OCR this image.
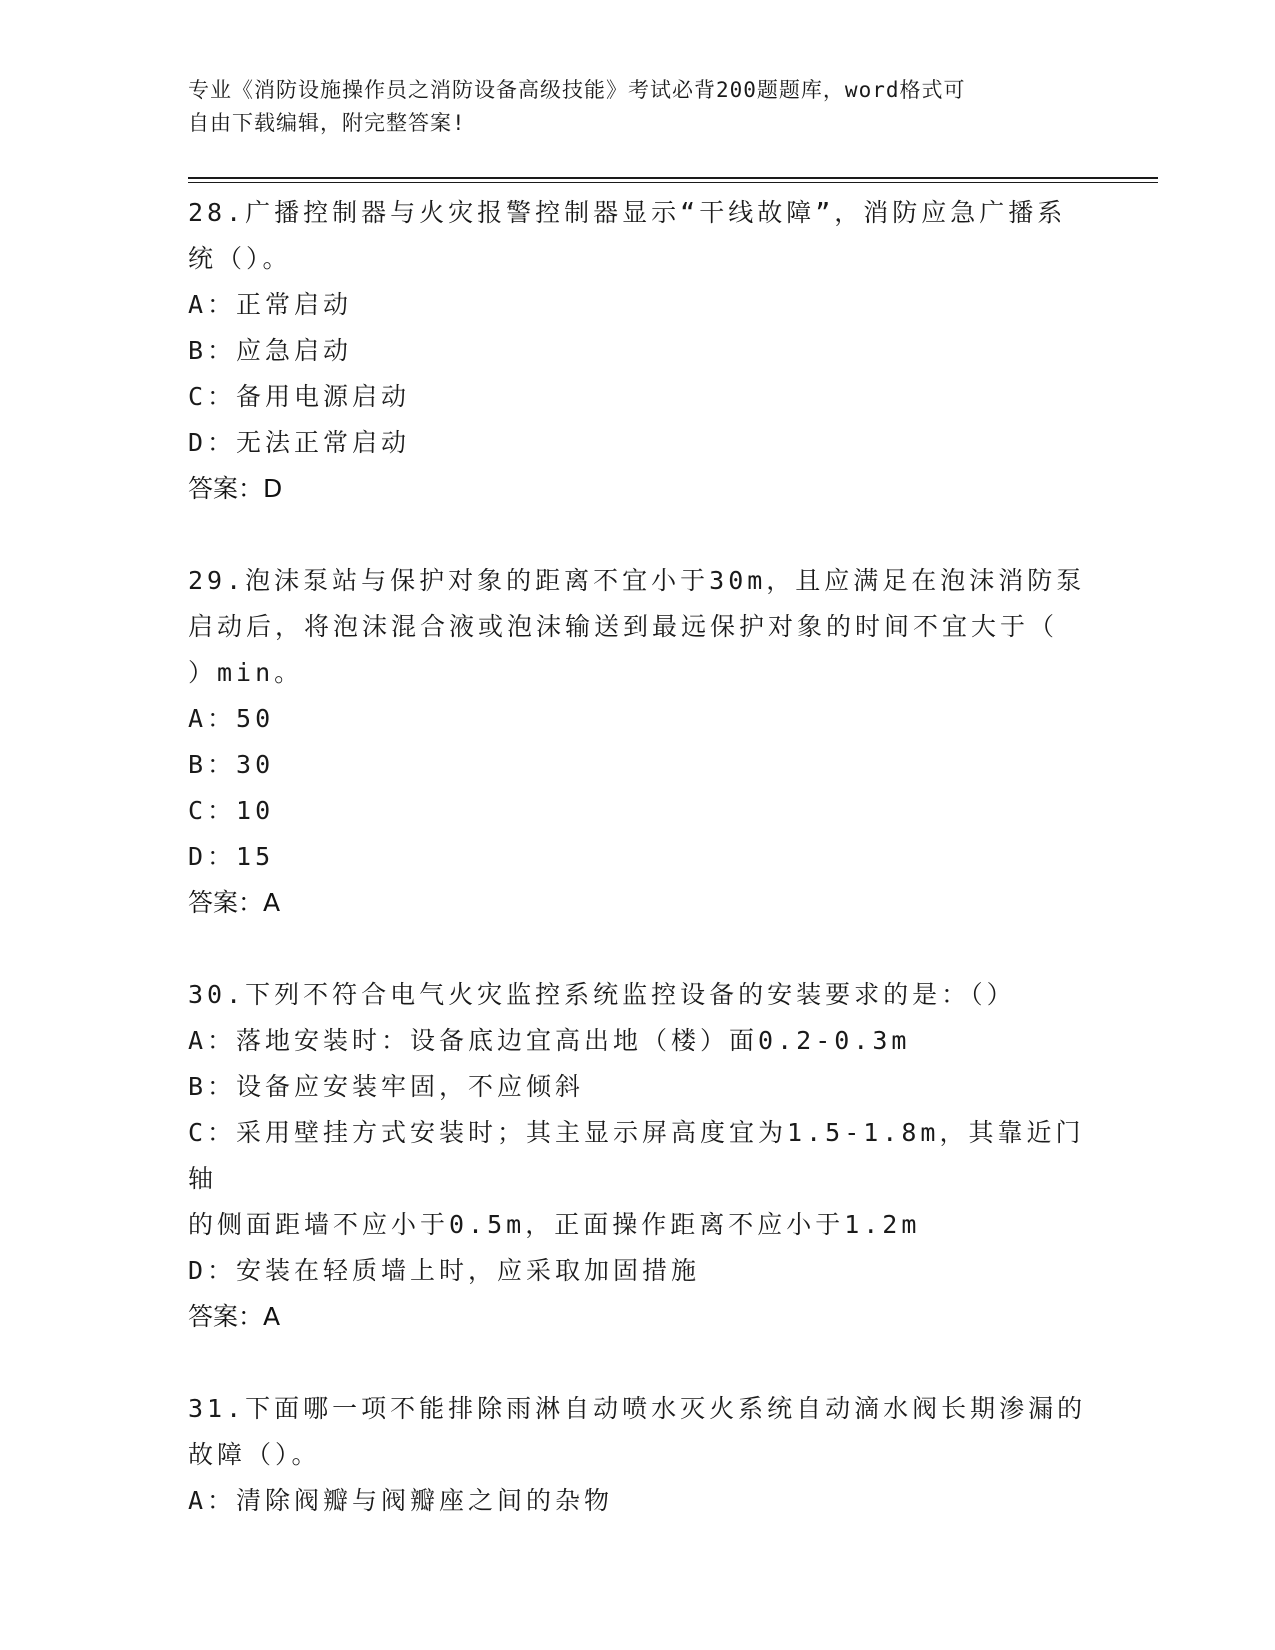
专业《消防设施操作员之消防设备高级技能》考试必背200题题库，word格式可
自由下载编辑，附完整答案!

28.广播控制器与火灾报警控制器显示“干线故障”，消防应急广播系

统（）。

A：正常启动

B：应急启动

C：备用电源启动

D：无法正常启动

答案：D

29.泡沫泵站与保护对象的距离不宜小于30m，且应满足在泡沫消防泵

启动后，将泡沫混合液或泡沫输送到最远保护对象的时间不宜大于（

）min。

A：50

B：30

C：10

D：15

答案：A

30.下列不符合电气火灾监控系统监控设备的安装要求的是：（）

A：落地安装时：设备底边宜高出地（楼）面0.2-0.3m

B：设备应安装牢固，不应倾斜

C：采用壁挂方式安装时；其主显示屏高度宜为1.5-1.8m，其靠近门轴

的侧面距墙不应小于0.5m，正面操作距离不应小于1.2m

D：安装在轻质墙上时，应采取加固措施

答案：A

31.下面哪一项不能排除雨淋自动喷水灭火系统自动滴水阀长期渗漏的

故障（）。

A：清除阀瓣与阀瓣座之间的杂物
